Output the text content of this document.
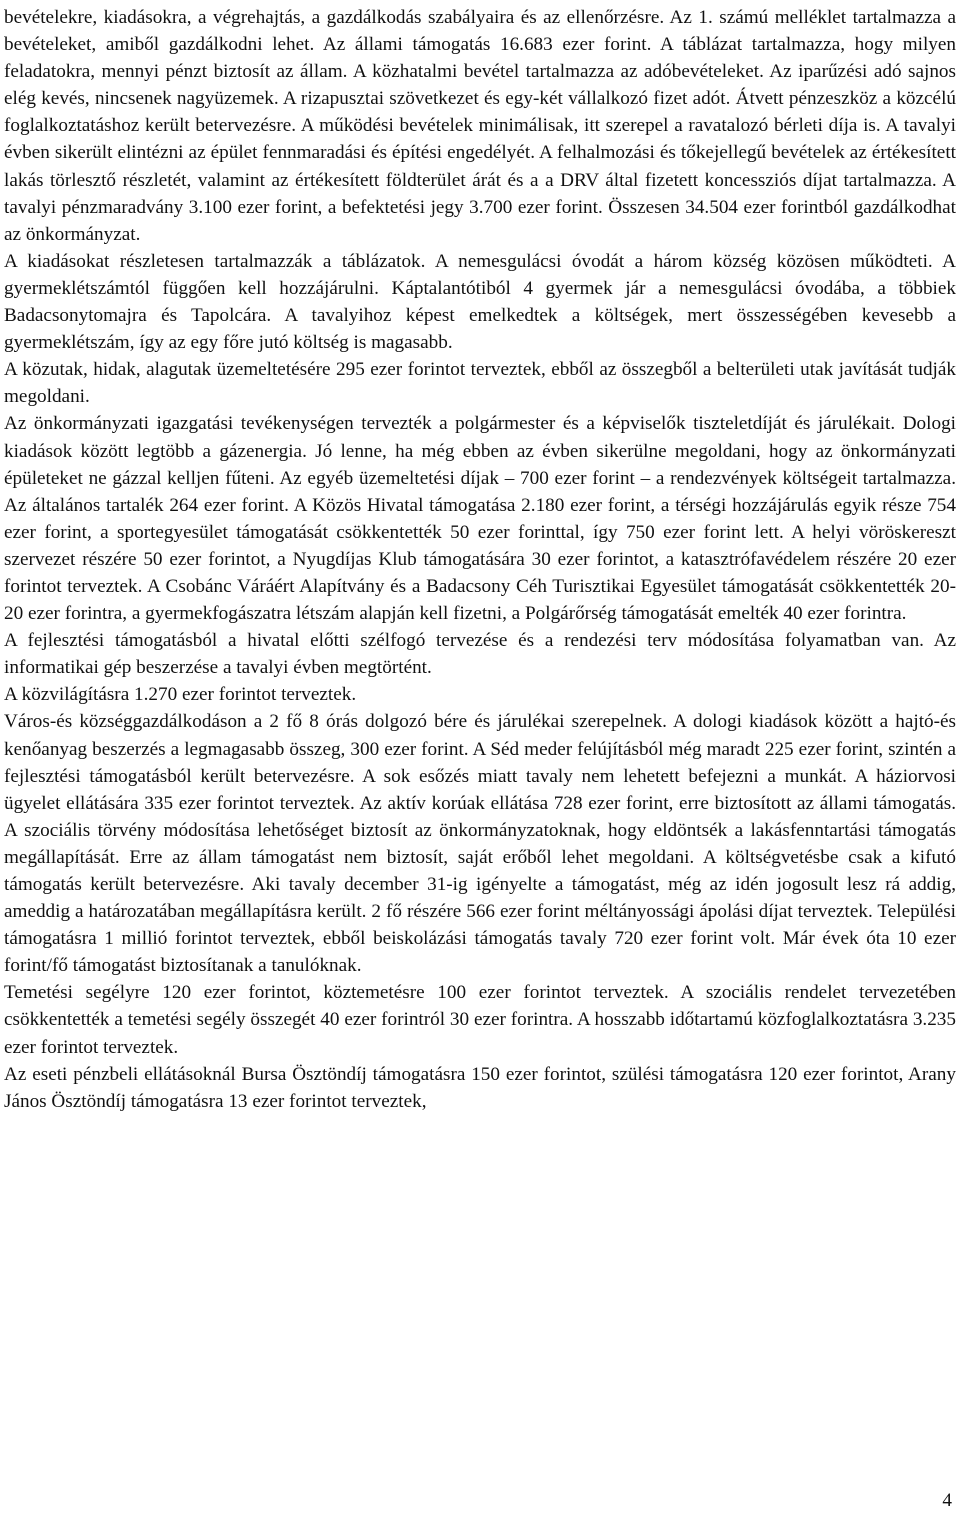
bevételekre, kiadásokra, a végrehajtás, a gazdálkodás szabályaira és az ellenőrzésre. Az 1. számú melléklet tartalmazza a bevételeket, amiből gazdálkodni lehet. Az állami támogatás 16.683 ezer forint. A táblázat tartalmazza, hogy milyen feladatokra, mennyi pénzt biztosít az állam. A közhatalmi bevétel tartalmazza az adóbevételeket. Az iparűzési adó sajnos elég kevés, nincsenek nagyüzemek. A rizapusztai szövetkezet és egy-két vállalkozó fizet adót. Átvett pénzeszköz a közcélú foglalkoztatáshoz került betervezésre. A működési bevételek minimálisak, itt szerepel a ravatalozó bérleti díja is. A tavalyi évben sikerült elintézni az épület fennmaradási és építési engedélyét. A felhalmozási és tőkejellegű bevételek az értékesített lakás törlesztő részletét, valamint az értékesített földterület árát és a a DRV által fizetett koncessziós díjat tartalmazza. A tavalyi pénzmaradvány 3.100 ezer forint, a befektetési jegy 3.700 ezer forint. Összesen 34.504 ezer forintból gazdálkodhat az önkormányzat.

A kiadásokat részletesen tartalmazzák a táblázatok. A nemesgulácsi óvodát a három község közösen működteti. A gyermeklétszámtól függően kell hozzájárulni. Káptalantótiból 4 gyermek jár a nemesgulácsi óvodába, a többiek Badacsonytomajra és Tapolcára. A tavalyihoz képest emelkedtek a költségek, mert összességében kevesebb a gyermeklétszám, így az egy főre jutó költség is magasabb.

A közutak, hidak, alagutak üzemeltetésére 295 ezer forintot terveztek, ebből az összegből a belterületi utak javítását tudják megoldani.

Az önkormányzati igazgatási tevékenységen tervezték a polgármester és a képviselők tiszteletdíját és járulékait. Dologi kiadások között legtöbb a gázenergia. Jó lenne, ha még ebben az évben sikerülne megoldani, hogy az önkormányzati épületeket ne gázzal kelljen fűteni. Az egyéb üzemeltetési díjak – 700 ezer forint – a rendezvények költségeit tartalmazza. Az általános tartalék 264 ezer forint. A Közös Hivatal támogatása 2.180 ezer forint, a térségi hozzájárulás egyik része 754 ezer forint, a sportegyesület támogatását csökkentették 50 ezer forinttal, így 750 ezer forint lett. A helyi vöröskereszt szervezet részére 50 ezer forintot, a Nyugdíjas Klub támogatására 30 ezer forintot, a katasztrófavédelem részére 20 ezer forintot terveztek. A Csobánc Váráért Alapítvány és a Badacsony Céh Turisztikai Egyesület támogatását csökkentették 20-20 ezer forintra, a gyermekfogászatra létszám alapján kell fizetni, a Polgárőrség támogatását emelték 40 ezer forintra.

A fejlesztési támogatásból a hivatal előtti szélfogó tervezése és a rendezési terv módosítása folyamatban van. Az informatikai gép beszerzése a tavalyi évben megtörtént.

A közvilágításra 1.270 ezer forintot terveztek.

Város-és községgazdálkodáson a 2 fő 8 órás dolgozó bére és járulékai szerepelnek. A dologi kiadások között a hajtó-és kenőanyag beszerzés a legmagasabb összeg, 300 ezer forint. A Séd meder felújításból még maradt 225 ezer forint, szintén a fejlesztési támogatásból került betervezésre. A sok esőzés miatt tavaly nem lehetett befejezni a munkát. A háziorvosi ügyelet ellátására 335 ezer forintot terveztek. Az aktív korúak ellátása 728 ezer forint, erre biztosított az állami támogatás. A szociális törvény módosítása lehetőséget biztosít az önkormányzatoknak, hogy eldöntsék a lakásfenntartási támogatás megállapítását. Erre az állam támogatást nem biztosít, saját erőből lehet megoldani. A költségvetésbe csak a kifutó támogatás került betervezésre. Aki tavaly december 31-ig igényelte a támogatást, még az idén jogosult lesz rá addig, ameddig a határozatában megállapításra került. 2 fő részére 566 ezer forint méltányossági ápolási díjat terveztek. Települési támogatásra 1 millió forintot terveztek, ebből beiskolázási támogatás tavaly 720 ezer forint volt. Már évek óta 10 ezer forint/fő támogatást biztosítanak a tanulóknak.

Temetési segélyre 120 ezer forintot, köztemetésre 100 ezer forintot terveztek. A szociális rendelet tervezetében csökkentették a temetési segély összegét 40 ezer forintról 30 ezer forintra. A hosszabb időtartamú közfoglalkoztatásra 3.235 ezer forintot terveztek.

Az eseti pénzbeli ellátásoknál Bursa Ösztöndíj támogatásra 150 ezer forintot, szülési támogatásra 120 ezer forintot, Arany János Ösztöndíj támogatásra 13 ezer forintot terveztek,

4
